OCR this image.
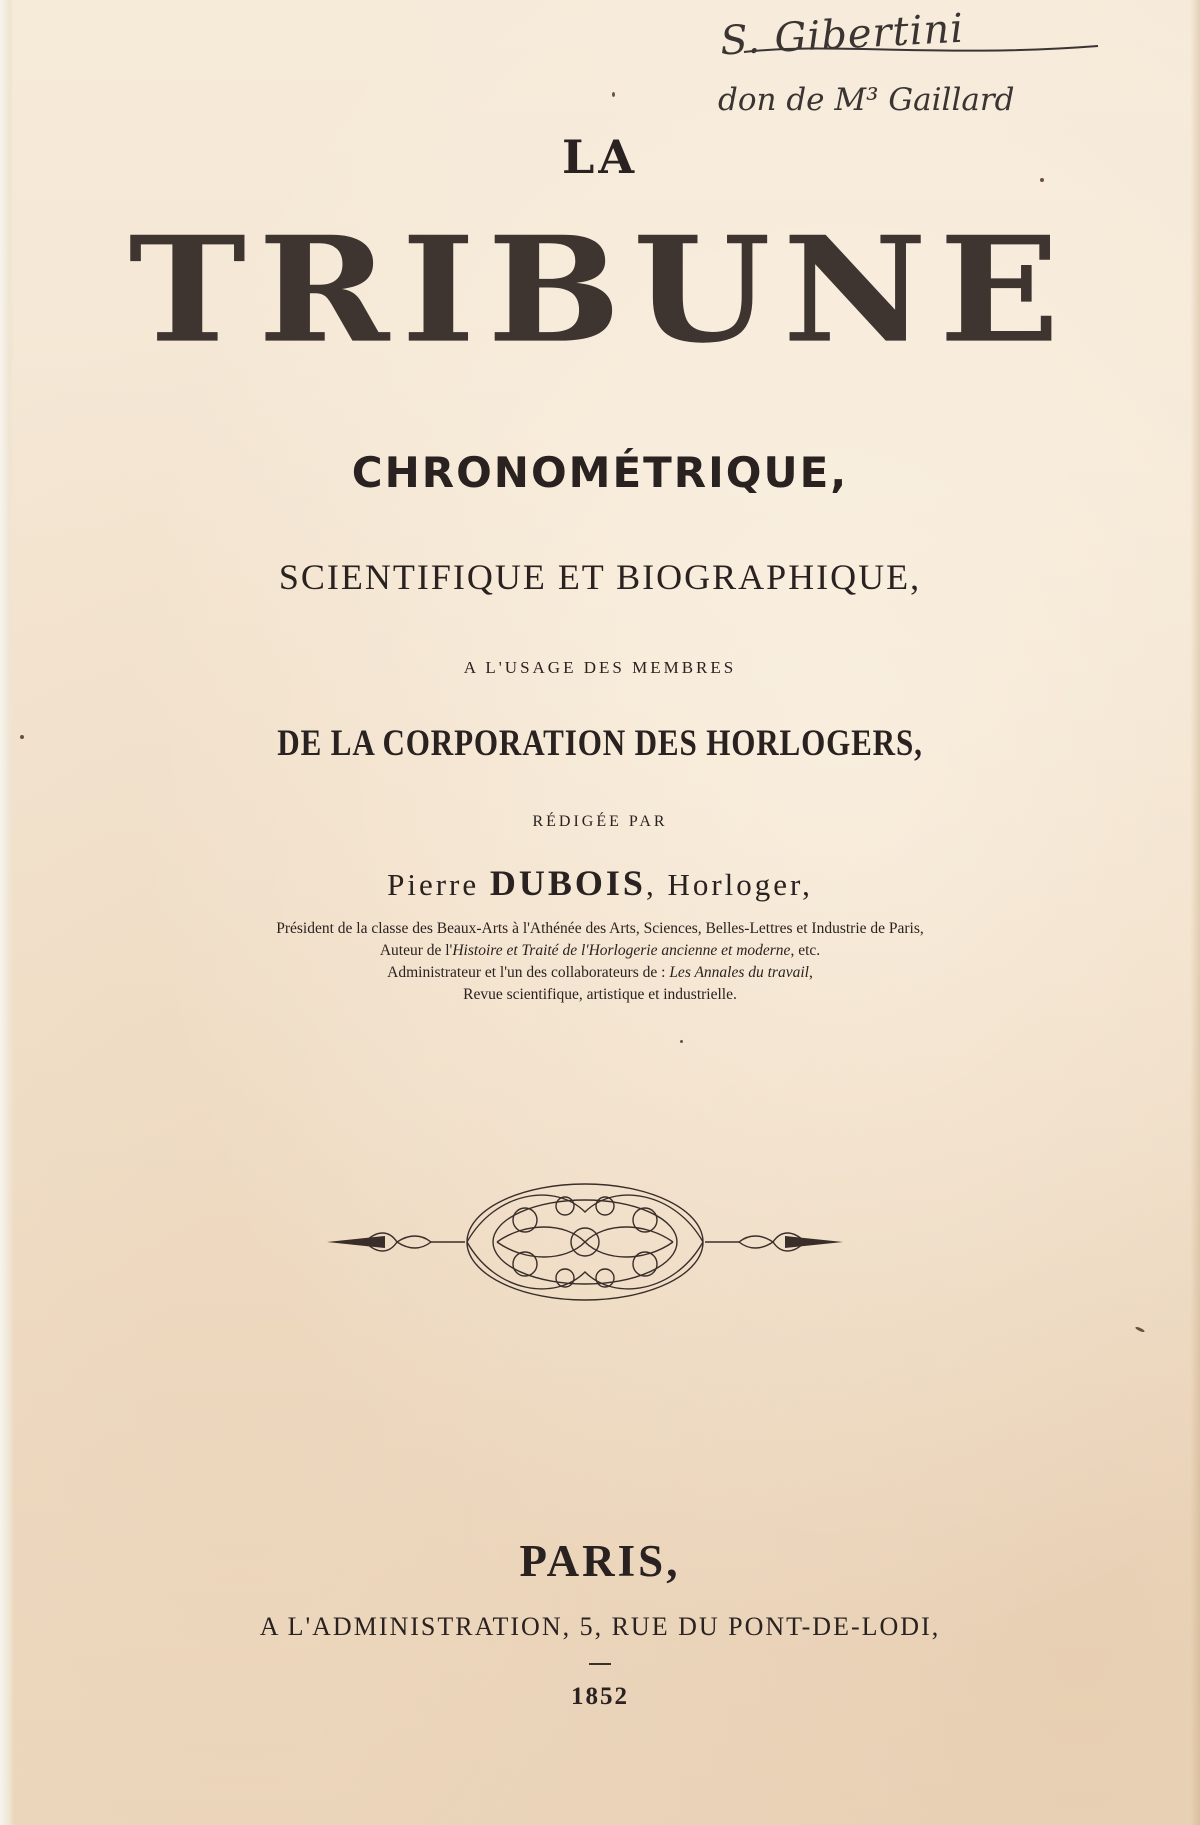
S. Gibertini
don de M³ Gaillard
LA
TRIBUNE
CHRONOMÉTRIQUE,
SCIENTIFIQUE ET BIOGRAPHIQUE,
A L'USAGE DES MEMBRES
DE LA CORPORATION DES HORLOGERS,
RÉDIGÉE PAR
Pierre DUBOIS, Horloger,
Président de la classe des Beaux-Arts à l'Athénée des Arts, Sciences, Belles-Lettres et Industrie de Paris,
Auteur de l'Histoire et Traité de l'Horlogerie ancienne et moderne, etc.
Administrateur et l'un des collaborateurs de : Les Annales du travail,
Revue scientifique, artistique et industrielle.
PARIS,
A L'ADMINISTRATION, 5, RUE DU PONT-DE-LODI,
1852
